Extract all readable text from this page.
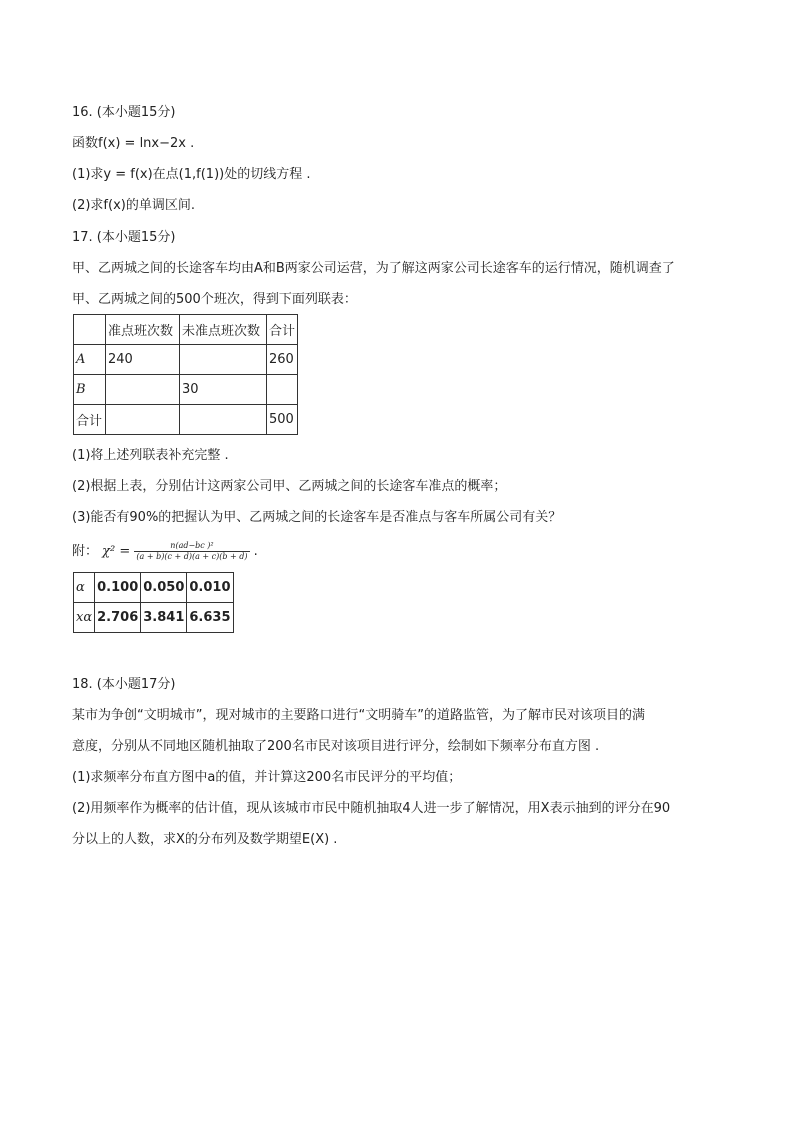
16. (本小题15分)
函数f(x) = lnx−2x .
(1)求y = f(x)在点(1,f(1))处的切线方程 .
(2)求f(x)的单调区间.
17. (本小题15分)
甲、乙两城之间的长途客车均由A和B两家公司运营，为了解这两家公司长途客车的运行情况，随机调查了
甲、乙两城之间的500个班次，得到下面列联表：
	准点班次数	未准点班次数	合计
A	240		260
B		30	
合计			500
(1)将上述列联表补充完整 .
(2)根据上表，分别估计这两家公司甲、乙两城之间的长途客车准点的概率；
(3)能否有90%的把握认为甲、乙两城之间的长途客车是否准点与客车所属公司有关？
附： $\chi^2 = \frac{\text{n(ad−bc )²}}{(a + b)(c + d)(a + c)(b + d)}$ .
α	0.100	0.050	0.010
xα	2.706	3.841	6.635
18. (本小题17分)
某市为争创“文明城市”，现对城市的主要路口进行“文明骑车”的道路监管，为了解市民对该项目的满
意度，分别从不同地区随机抽取了200名市民对该项目进行评分，绘制如下频率分布直方图 .
(1)求频率分布直方图中a的值，并计算这200名市民评分的平均值；
(2)用频率作为概率的估计值，现从该城市市民中随机抽取4人进一步了解情况，用X表示抽到的评分在90
分以上的人数，求X的分布列及数学期望E(X) .
